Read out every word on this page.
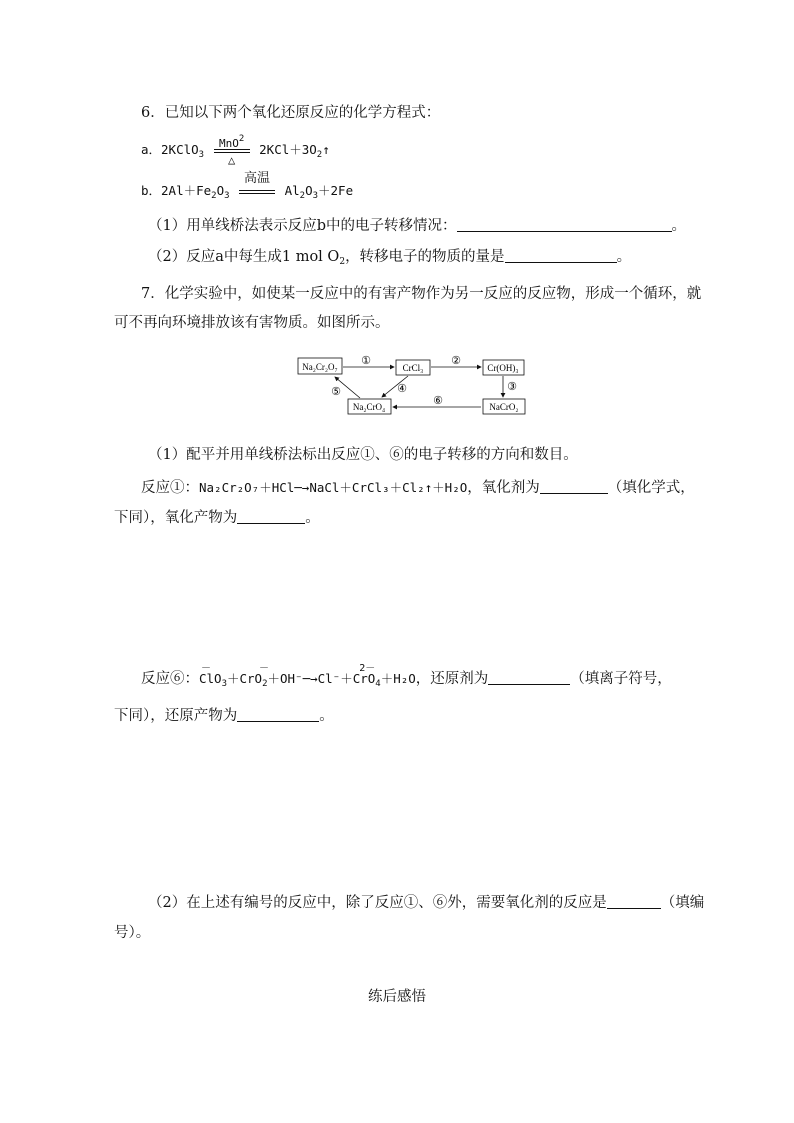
6．已知以下两个氧化还原反应的化学方程式：
a．2KClO$_3$
MnO$^2$
△
$2KCl+3O_2↑$
b．$2Al+Fe_2O_3$
高温
$Al_2O_3+2Fe$
（1）用单线桥法表示反应b中的电子转移情况：	。
（2）反应a中每生成1 mol $O_2$，转移电子的物质的量是	。
7．化学实验中，如使某一反应中的有害产物作为另一反应的反应物，形成一个循环，就
可不再向环境排放该有害物质。如图所示。
Na₂Cr₂O₇	CrCl₃	Cr(OH)₃
NaCrO₂
Na₂CrO₄
①	②
③
⑥
⑤	④
（1）配平并用单线桥法标出反应①、⑥的电子转移的方向和数目。
反应①：Na₂Cr₂O₇＋HCl─→NaCl＋CrCl₃＋Cl₂↑＋H₂O，氧化剂为	（填化学式，
下同），氧化产物为	。
反应⑥：
－
ClO$_3$＋CrO
－
$_2$＋OH⁻─→Cl⁻＋CrO
2－
$_4$＋H₂O，还原剂为	（填离子符号，
下同），还原产物为	。
（2）在上述有编号的反应中，除了反应①、⑥外，需要氧化剂的反应是	（填编
号）。
练后感悟
